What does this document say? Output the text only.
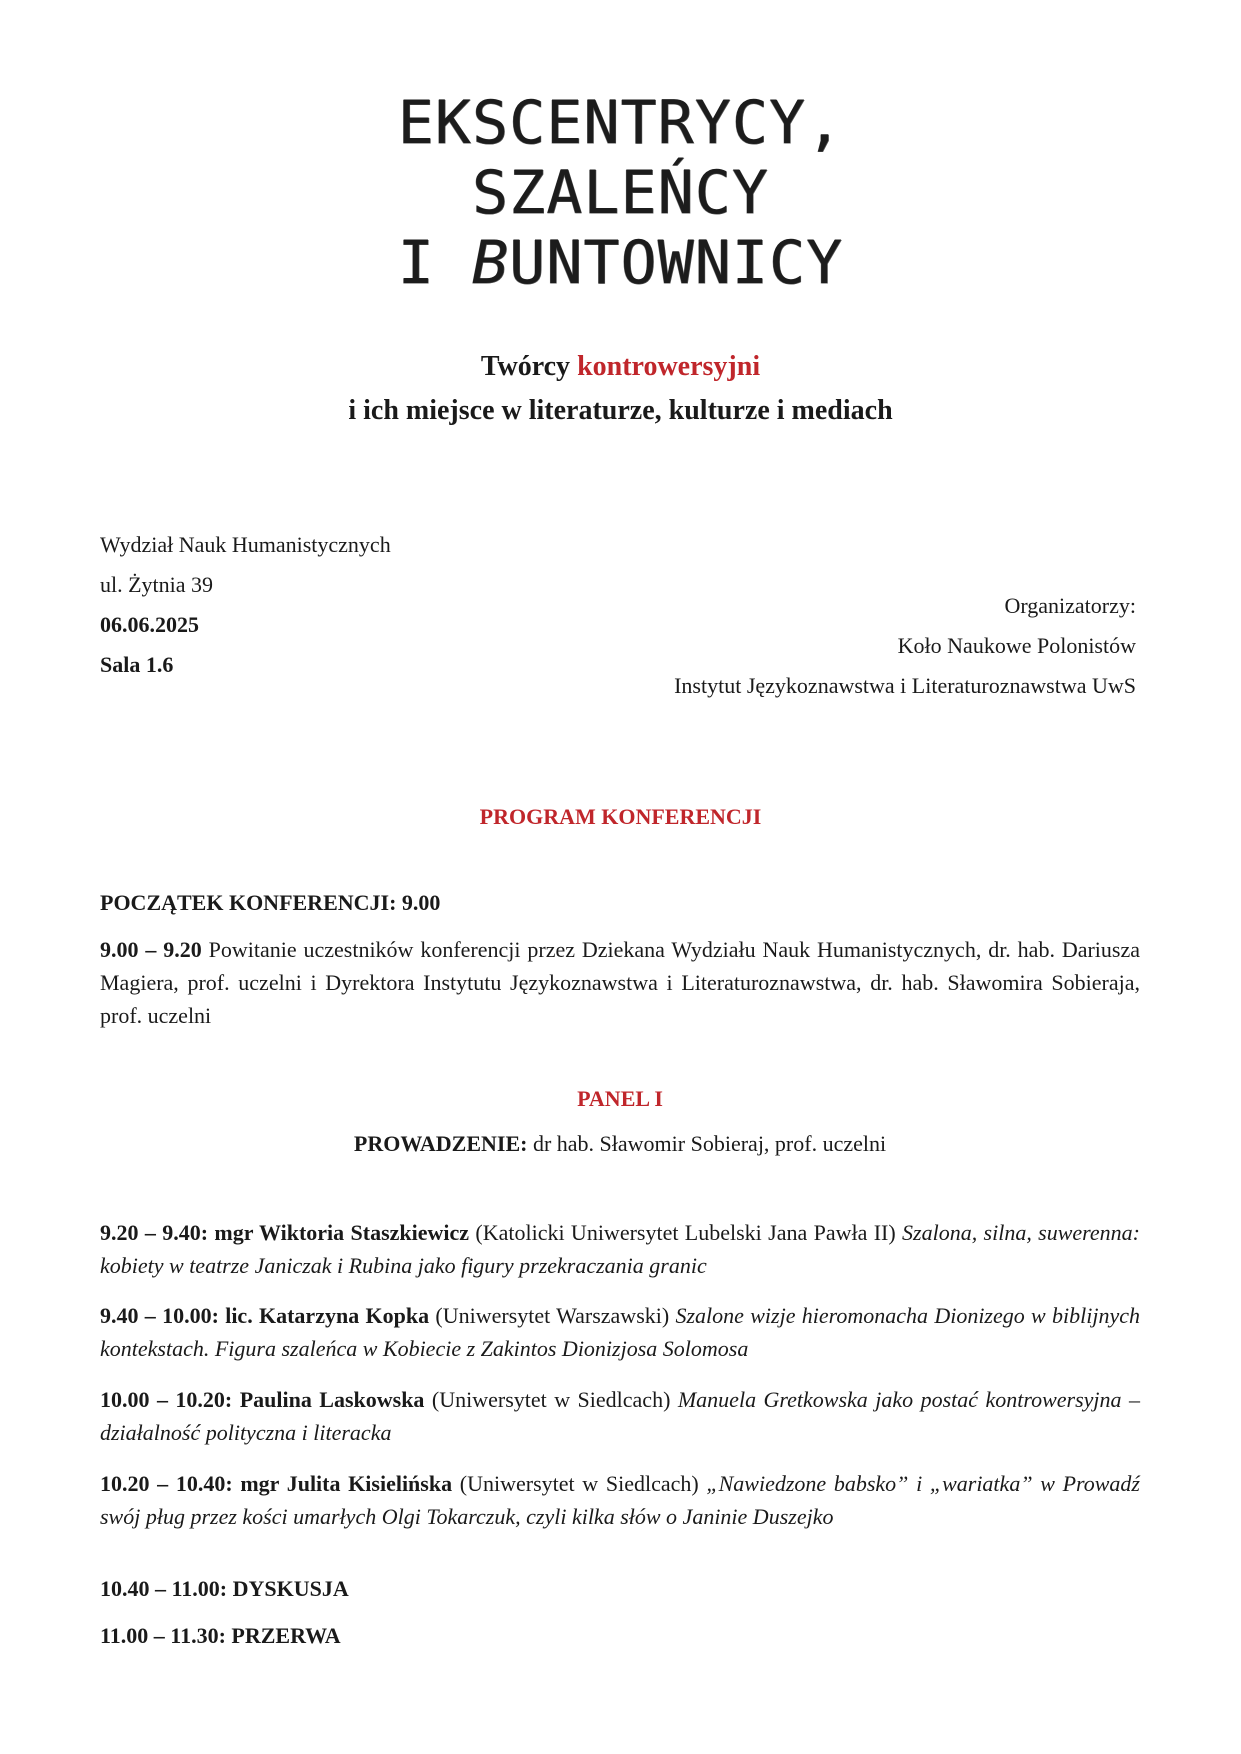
EKSCENTRYCY,
SZALEŃCY
I BUNTOWNICY
Twórcy kontrowersyjni
i ich miejsce w literaturze, kulturze i mediach
Wydział Nauk Humanistycznych
ul. Żytnia 39
06.06.2025
Sala 1.6
Organizatorzy:
Koło Naukowe Polonistów
Instytut Językoznawstwa i Literaturoznawstwa UwS
PROGRAM KONFERENCJI
POCZĄTEK KONFERENCJI: 9.00
9.00 – 9.20 Powitanie uczestników konferencji przez Dziekana Wydziału Nauk Humanistycznych, dr. hab. Dariusza Magiera, prof. uczelni i Dyrektora Instytutu Językoznawstwa i Literaturoznawstwa, dr. hab. Sławomira Sobieraja, prof. uczelni
PANEL I
PROWADZENIE: dr hab. Sławomir Sobieraj, prof. uczelni
9.20 – 9.40: mgr Wiktoria Staszkiewicz (Katolicki Uniwersytet Lubelski Jana Pawła II) Szalona, silna, suwerenna: kobiety w teatrze Janiczak i Rubina jako figury przekraczania granic
9.40 – 10.00: lic. Katarzyna Kopka (Uniwersytet Warszawski) Szalone wizje hieromonacha Dionizego w biblijnych kontekstach. Figura szaleńca w Kobiecie z Zakintos Dionizjosa Solomosa
10.00 – 10.20: Paulina Laskowska (Uniwersytet w Siedlcach) Manuela Gretkowska jako postać kontrowersyjna – działalność polityczna i literacka
10.20 – 10.40: mgr Julita Kisielińska (Uniwersytet w Siedlcach) „Nawiedzone babsko” i „wariatka” w Prowadź swój pług przez kości umarłych Olgi Tokarczuk, czyli kilka słów o Janinie Duszejko
10.40 – 11.00: DYSKUSJA
11.00 – 11.30: PRZERWA
